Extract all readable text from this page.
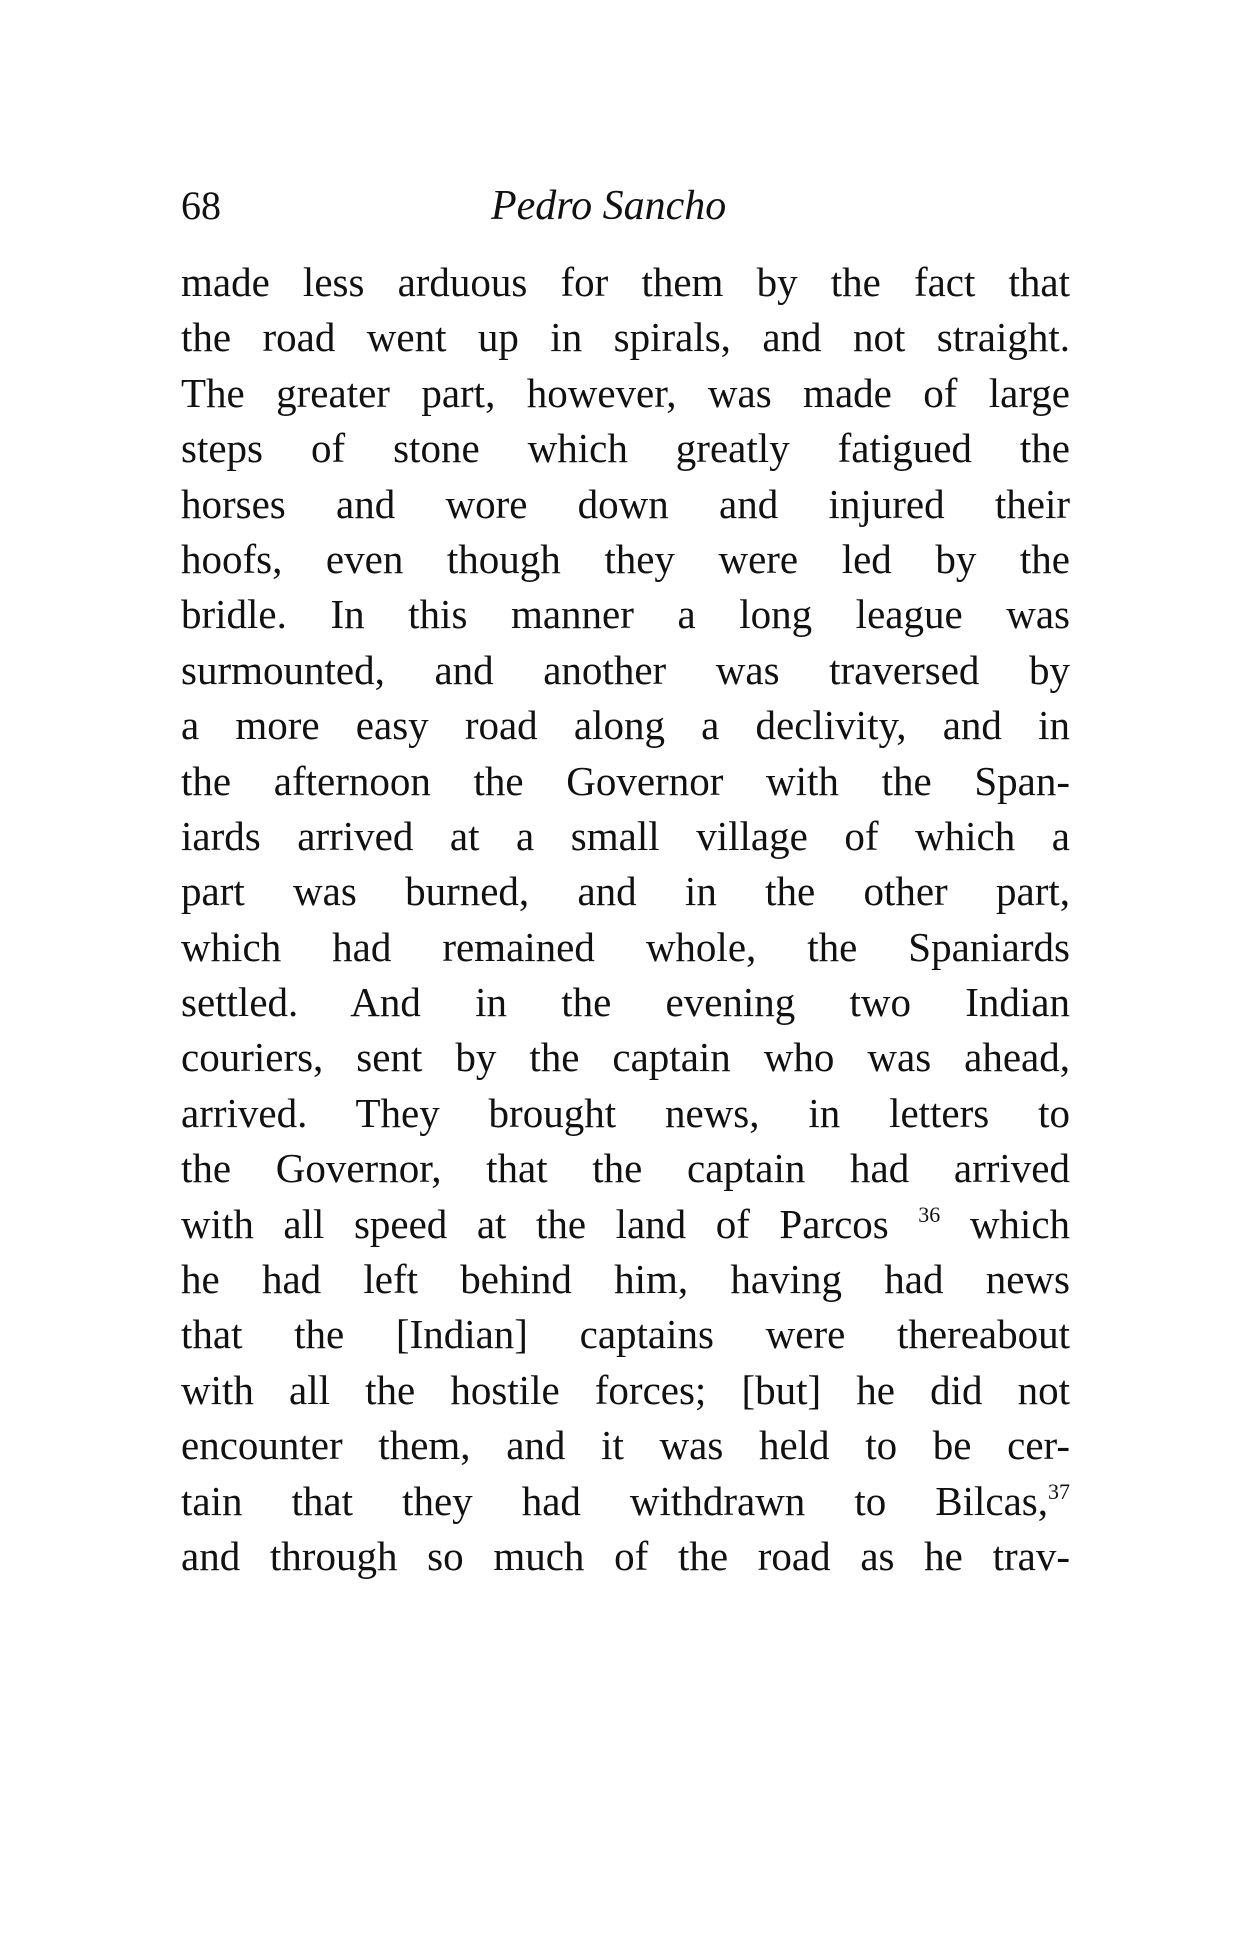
68	Pedro Sancho
made less arduous for them by the fact that
the road went up in spirals, and not straight.
The greater part, however, was made of large
steps of stone which greatly fatigued the
horses and wore down and injured their
hoofs, even though they were led by the
bridle. In this manner a long league was
surmounted, and another was traversed by
a more easy road along a declivity, and in
the afternoon the Governor with the Span-
iards arrived at a small village of which a
part was burned, and in the other part,
which had remained whole, the Spaniards
settled. And in the evening two Indian
couriers, sent by the captain who was ahead,
arrived. They brought news, in letters to
the Governor, that the captain had arrived
with all speed at the land of Parcos $^{36}$ which
he had left behind him, having had news
that the [Indian] captains were thereabout
with all the hostile forces; [but] he did not
encounter them, and it was held to be cer-
tain that they had withdrawn to Bilcas,$^{37}$
and through so much of the road as he trav-
